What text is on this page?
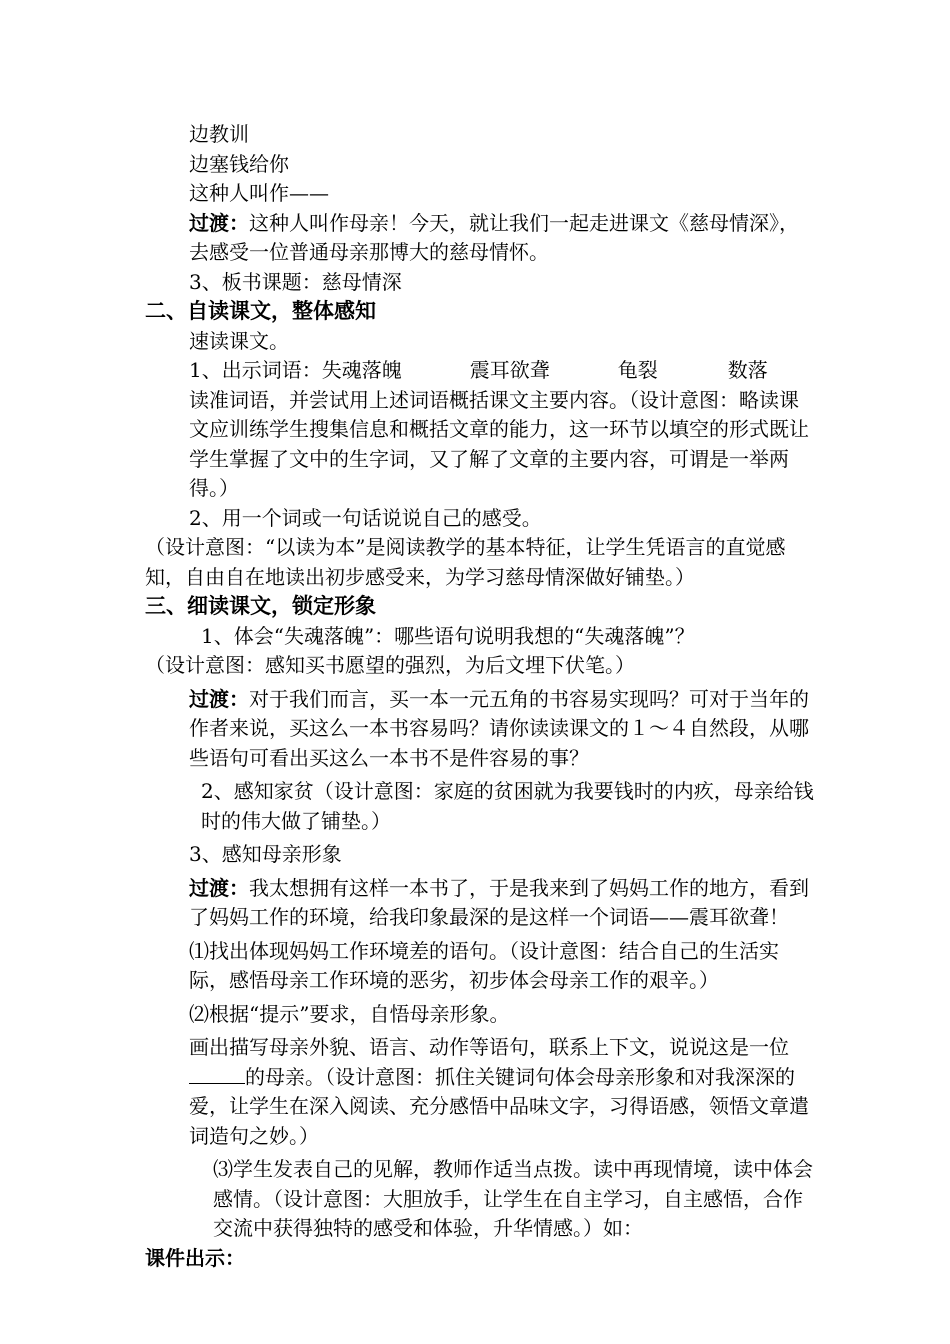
边教训

边塞钱给你

这种人叫作——

过渡：这种人叫作母亲！今天，就让我们一起走进课文《慈母情深》，去感受一位普通母亲那博大的慈母情怀。

3、板书课题：慈母情深

二、自读课文，整体感知

速读课文。

1、出示词语：失魂落魄	震耳欲聋	龟裂	数落

读准词语，并尝试用上述词语概括课文主要内容。（设计意图：略读课文应训练学生搜集信息和概括文章的能力，这一环节以填空的形式既让学生掌握了文中的生字词，又了解了文章的主要内容，可谓是一举两得。）

2、用一个词或一句话说说自己的感受。

（设计意图：“以读为本”是阅读教学的基本特征，让学生凭语言的直觉感知，自由自在地读出初步感受来，为学习慈母情深做好铺垫。）

三、细读课文，锁定形象

1、体会“失魂落魄”：哪些语句说明我想的“失魂落魄”？

（设计意图：感知买书愿望的强烈，为后文埋下伏笔。）

过渡：对于我们而言，买一本一元五角的书容易实现吗？可对于当年的作者来说，买这么一本书容易吗？请你读读课文的１～４自然段，从哪些语句可看出买这么一本书不是件容易的事？

2、感知家贫（设计意图：家庭的贫困就为我要钱时的内疚，母亲给钱时的伟大做了铺垫。）

3、感知母亲形象

过渡：我太想拥有这样一本书了，于是我来到了妈妈工作的地方，看到了妈妈工作的环境，给我印象最深的是这样一个词语——震耳欲聋！

⑴找出体现妈妈工作环境差的语句。（设计意图：结合自己的生活实际，感悟母亲工作环境的恶劣，初步体会母亲工作的艰辛。）

⑵根据“提示”要求，自悟母亲形象。

画出描写母亲外貌、语言、动作等语句，联系上下文，说说这是一位的母亲。（设计意图：抓住关键词句体会母亲形象和对我深深的爱，让学生在深入阅读、充分感悟中品味文字，习得语感，领悟文章遣词造句之妙。）

⑶学生发表自己的见解，教师作适当点拨。读中再现情境，读中体会感情。（设计意图：大胆放手，让学生在自主学习，自主感悟，合作交流中获得独特的感受和体验，升华情感。）如：

课件出示：
